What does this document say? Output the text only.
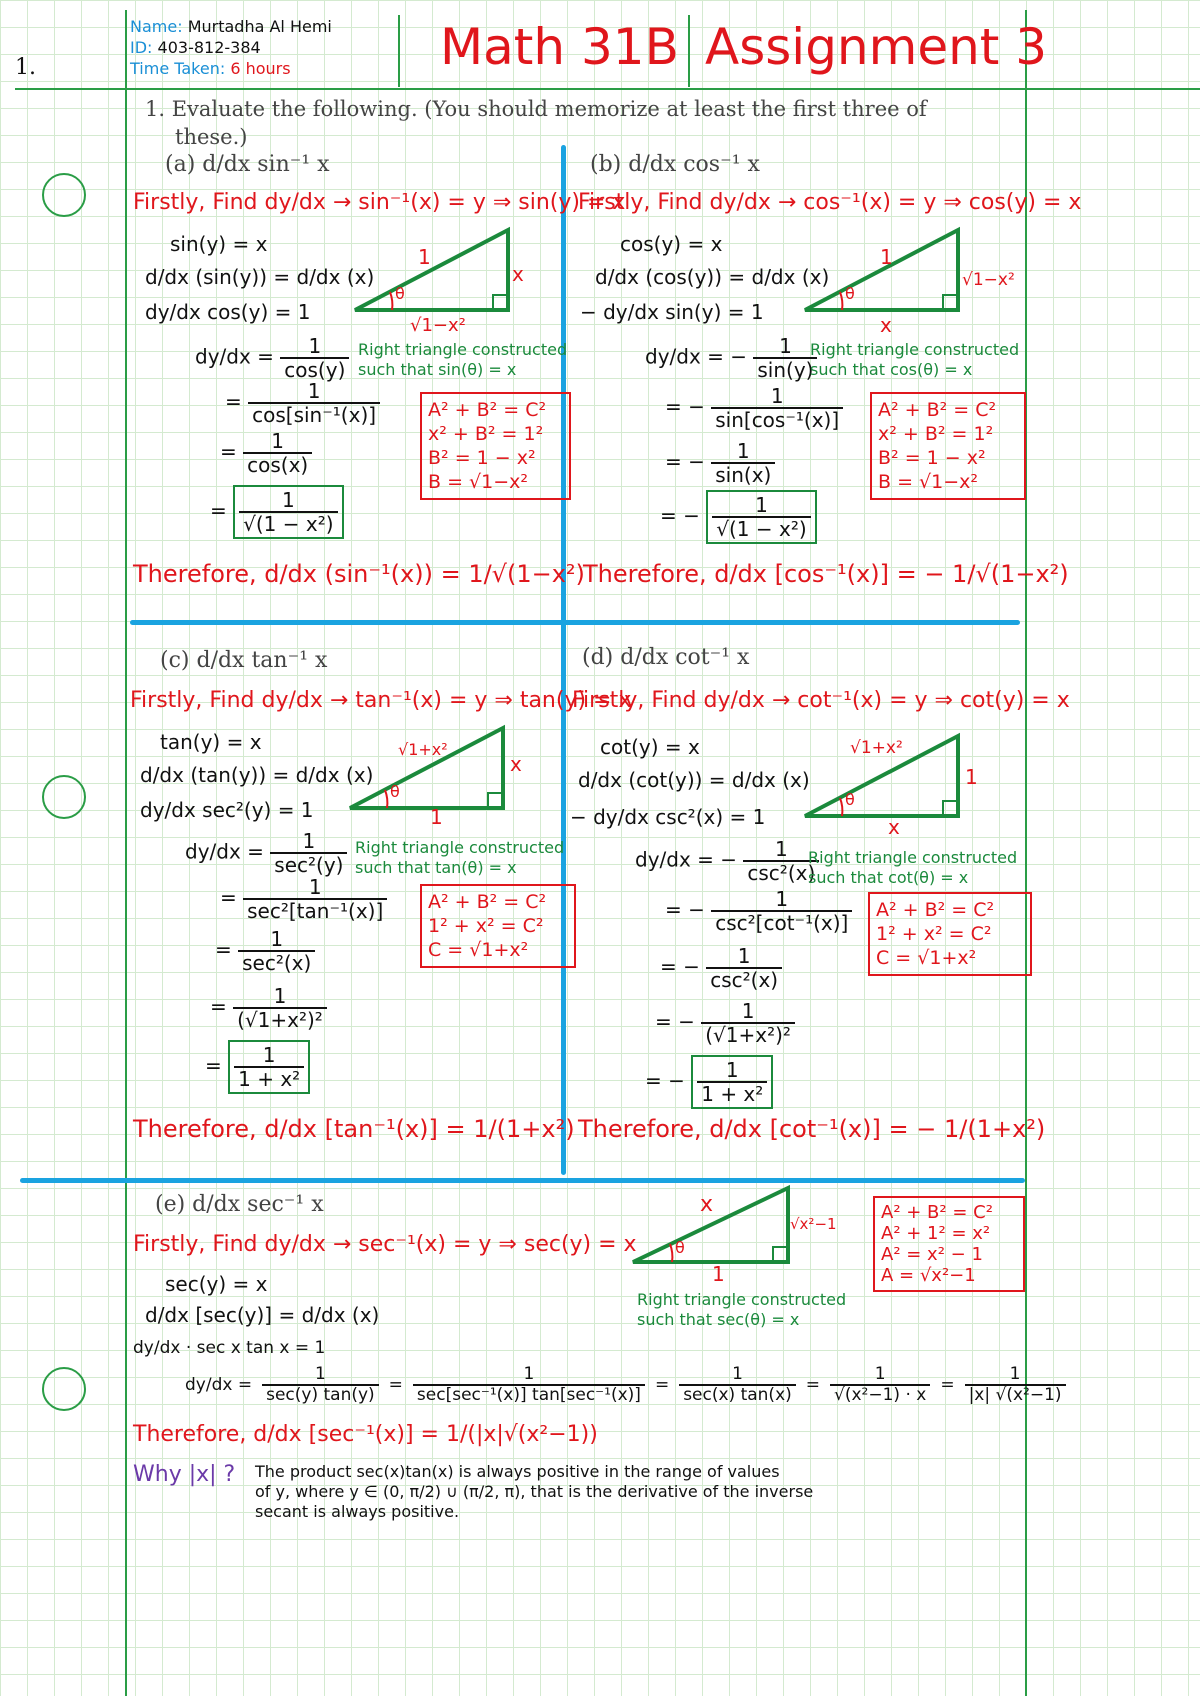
1.
Name: Murtadha Al Hemi
ID: 403-812-384
Time Taken: 6 hours	Math 31B Assignment 3
1. Evaluate the following. (You should memorize at least the first three of
these.)
(a) d/dx sin⁻¹ x
Firstly, Find dy/dx → sin⁻¹(x) = y ⇒ sin(y) = x
sin(y) = x
d/dx (sin(y)) = d/dx (x)
dy/dx cos(y) = 1
$dy/dx = \frac{1}{\cos(y)}$
= $\frac{1}{\text{cos[sin⁻¹(x)]}}$
= $\frac{1}{\cos(x)}$
= $\frac{1}{\text{√(1 − x²)}}$
θ
1
x
√1−x²
Right triangle constructed
such that sin(θ) = x
A² + B² = C²
x² + B² = 1²
B² = 1 − x²
B = √1−x²
Therefore, d/dx (sin⁻¹(x)) = 1/√(1−x²)
(b) d/dx cos⁻¹ x
Firstly, Find dy/dx → cos⁻¹(x) = y ⇒ cos(y) = x
cos(y) = x
d/dx (cos(y)) = d/dx (x)
− dy/dx sin(y) = 1
dy/dx = − $\frac{1}{\sin(y)}$
= − $\frac{1}{\text{sin[cos⁻¹(x)]}}$
= − $\frac{1}{\sin(x)}$
= − $\frac{1}{\text{√(1 − x²)}}$
θ
1
√1−x²
x
Right triangle constructed
such that cos(θ) = x
A² + B² = C²
x² + B² = 1²
B² = 1 − x²
B = √1−x²
Therefore, d/dx [cos⁻¹(x)] = − 1/√(1−x²)
(c) d/dx tan⁻¹ x
Firstly, Find dy/dx → tan⁻¹(x) = y ⇒ tan(y) = x
tan(y) = x
d/dx (tan(y)) = d/dx (x)
dy/dx sec²(y) = 1
$dy/dx = \frac{1}{\text{sec²(y)}}$
= $\frac{1}{\text{sec²[tan⁻¹(x)]}}$
= $\frac{1}{\text{sec²(x)}}$
= $\frac{1}{\text{(√1+x²)²}}$
= $\frac{1}{\text{1 + x²}}$
θ
√1+x²
x
1
Right triangle constructed
such that tan(θ) = x
A² + B² = C²
1² + x² = C²
C = √1+x²
Therefore, d/dx [tan⁻¹(x)] = 1/(1+x²)
(d) d/dx cot⁻¹ x
Firstly, Find dy/dx → cot⁻¹(x) = y ⇒ cot(y) = x
cot(y) = x
d/dx (cot(y)) = d/dx (x)
− dy/dx csc²(x) = 1
dy/dx = − $\frac{1}{\text{csc²(x)}}$
= − $\frac{1}{\text{csc²[cot⁻¹(x)]}}$
= − $\frac{1}{\text{csc²(x)}}$
= − $\frac{1}{\text{(√1+x²)²}}$
= − $\frac{1}{\text{1 + x²}}$
θ
√1+x²
1
x
Right triangle constructed
such that cot(θ) = x
A² + B² = C²
1² + x² = C²
C = √1+x²
Therefore, d/dx [cot⁻¹(x)] = − 1/(1+x²)
(e) d/dx sec⁻¹ x
Firstly, Find dy/dx → sec⁻¹(x) = y ⇒ sec(y) = x
sec(y) = x
d/dx [sec(y)] = d/dx (x)
dy/dx · sec x tan x = 1
$dy/dx = \frac{1}{\sec(y) \tan(y)} = \frac{1}{\text{sec[sec⁻¹(x)] tan[sec⁻¹(x)]}} = \frac{1}{\sec(x) \tan(x)} = \frac{1}{\text{√(x²−1) · x}} = \frac{1}{\text{|x| √(x²−1)}}$
θ
x
√x²−1
1
Right triangle constructed
such that sec(θ) = x
A² + B² = C²
A² + 1² = x²
A² = x² − 1
A = √x²−1
Therefore, d/dx [sec⁻¹(x)] = 1/(|x|√(x²−1))
Why |x| ? The product sec(x)tan(x) is always positive in the range of values
of y, where y ∈ (0, π/2) ∪ (π/2, π), that is the derivative of the inverse
secant is always positive.
